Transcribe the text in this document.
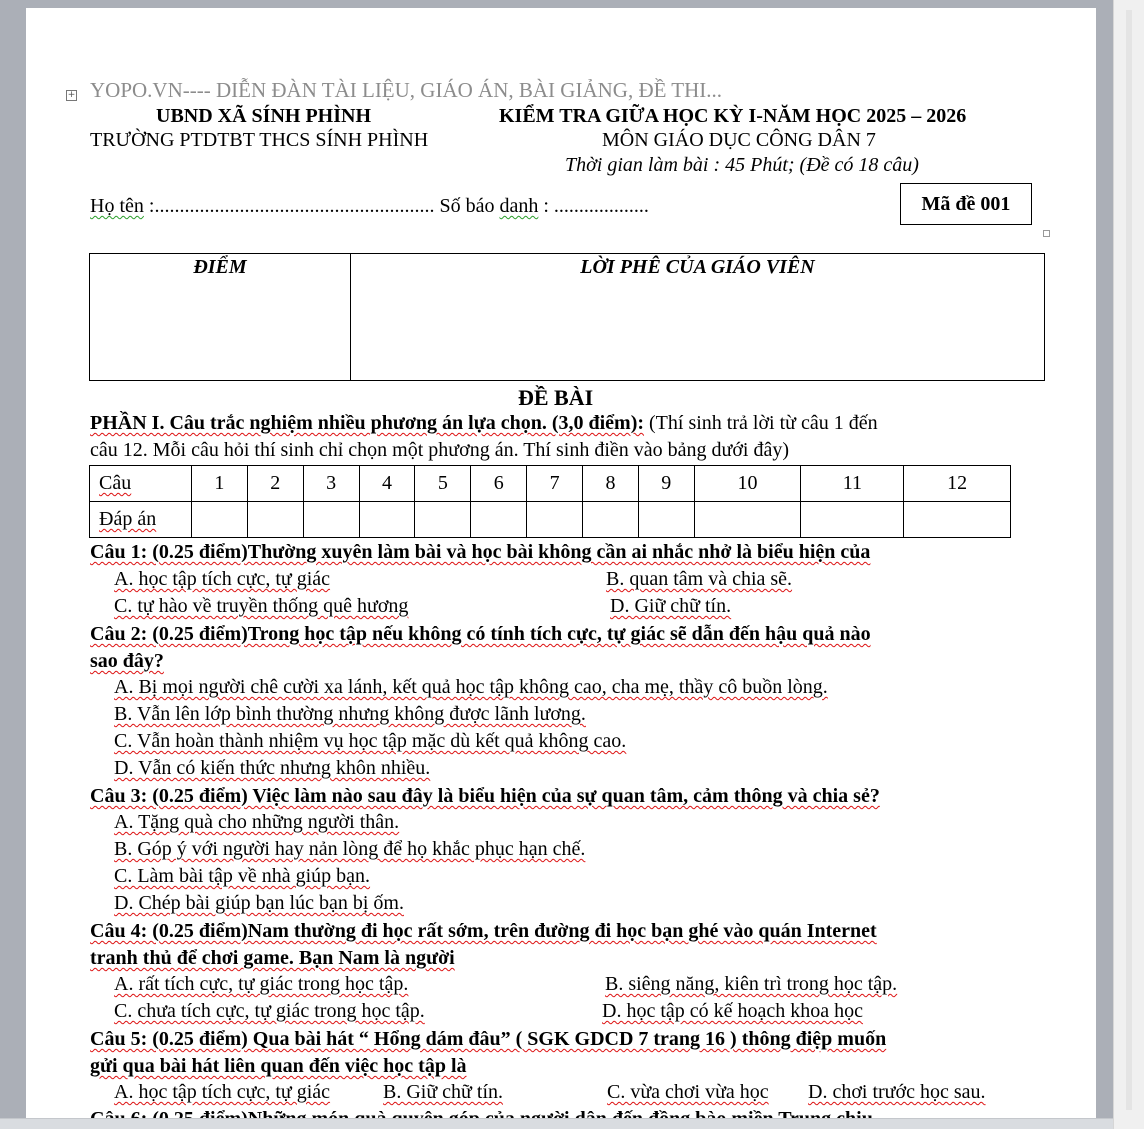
+ YOPO.VN---- DIỄN ĐÀN TÀI LIỆU, GIÁO ÁN, BÀI GIẢNG, ĐỀ THI...
UBND XÃ SÍNH PHÌNH
TRƯỜNG PTDTBT THCS SÍNH PHÌNH
KIỂM TRA GIỮA HỌC KỲ I-NĂM HỌC 2025 – 2026
MÔN GIÁO DỤC CÔNG DÂN 7
Thời gian làm bài : 45 Phút; (Đề có 18 câu)
Họ tên :........................................................ Số báo danh : ...................	Mã đề 001
ĐIỂM	LỜI PHÊ CỦA GIÁO VIÊN
ĐỀ BÀI
PHẦN I. Câu trắc nghiệm nhiều phương án lựa chọn. (3,0 điểm): (Thí sinh trả lời từ câu 1 đến
câu 12. Mỗi câu hỏi thí sinh chỉ chọn một phương án. Thí sinh điền vào bảng dưới đây)
Câu	1	2	3	4	5	6	7	8	9	10	11	12
Đáp án												
Câu 1: (0.25 điểm)Thường xuyên làm bài và học bài không cần ai nhắc nhở là biểu hiện của
A. học tập tích cực, tự giác	B. quan tâm và chia sẽ.
C. tự hào về truyền thống quê hương	D. Giữ chữ tín.
Câu 2: (0.25 điểm)Trong học tập nếu không có tính tích cực, tự giác sẽ dẫn đến hậu quả nào
sao đây?
A. Bị mọi người chê cười xa lánh, kết quả học tập không cao, cha mẹ, thầy cô buồn lòng.
B. Vẫn lên lớp bình thường nhưng không được lãnh lương.
C. Vẫn hoàn thành nhiệm vụ học tập mặc dù kết quả không cao.
D. Vẫn có kiến thức nhưng khôn nhiều.
Câu 3: (0.25 điểm) Việc làm nào sau đây là biểu hiện của sự quan tâm, cảm thông và chia sẻ?
A. Tặng quà cho những người thân.
B. Góp ý với người hay nản lòng để họ khắc phục hạn chế.
C. Làm bài tập về nhà giúp bạn.
D. Chép bài giúp bạn lúc bạn bị ốm.
Câu 4: (0.25 điểm)Nam thường đi học rất sớm, trên đường đi học bạn ghé vào quán Internet
tranh thủ để chơi game. Bạn Nam là người
A. rất tích cực, tự giác trong học tập.	B. siêng năng, kiên trì trong học tập.
C. chưa tích cực, tự giác trong học tập.	D. học tập có kế hoạch khoa học
Câu 5: (0.25 điểm) Qua bài hát “ Hổng dám đâu” ( SGK GDCD 7 trang 16 ) thông điệp muốn
gửi qua bài hát liên quan đến việc học tập là
A. học tập tích cực, tự giác	B. Giữ chữ tín.	C. vừa chơi vừa học D. chơi trước học sau.
